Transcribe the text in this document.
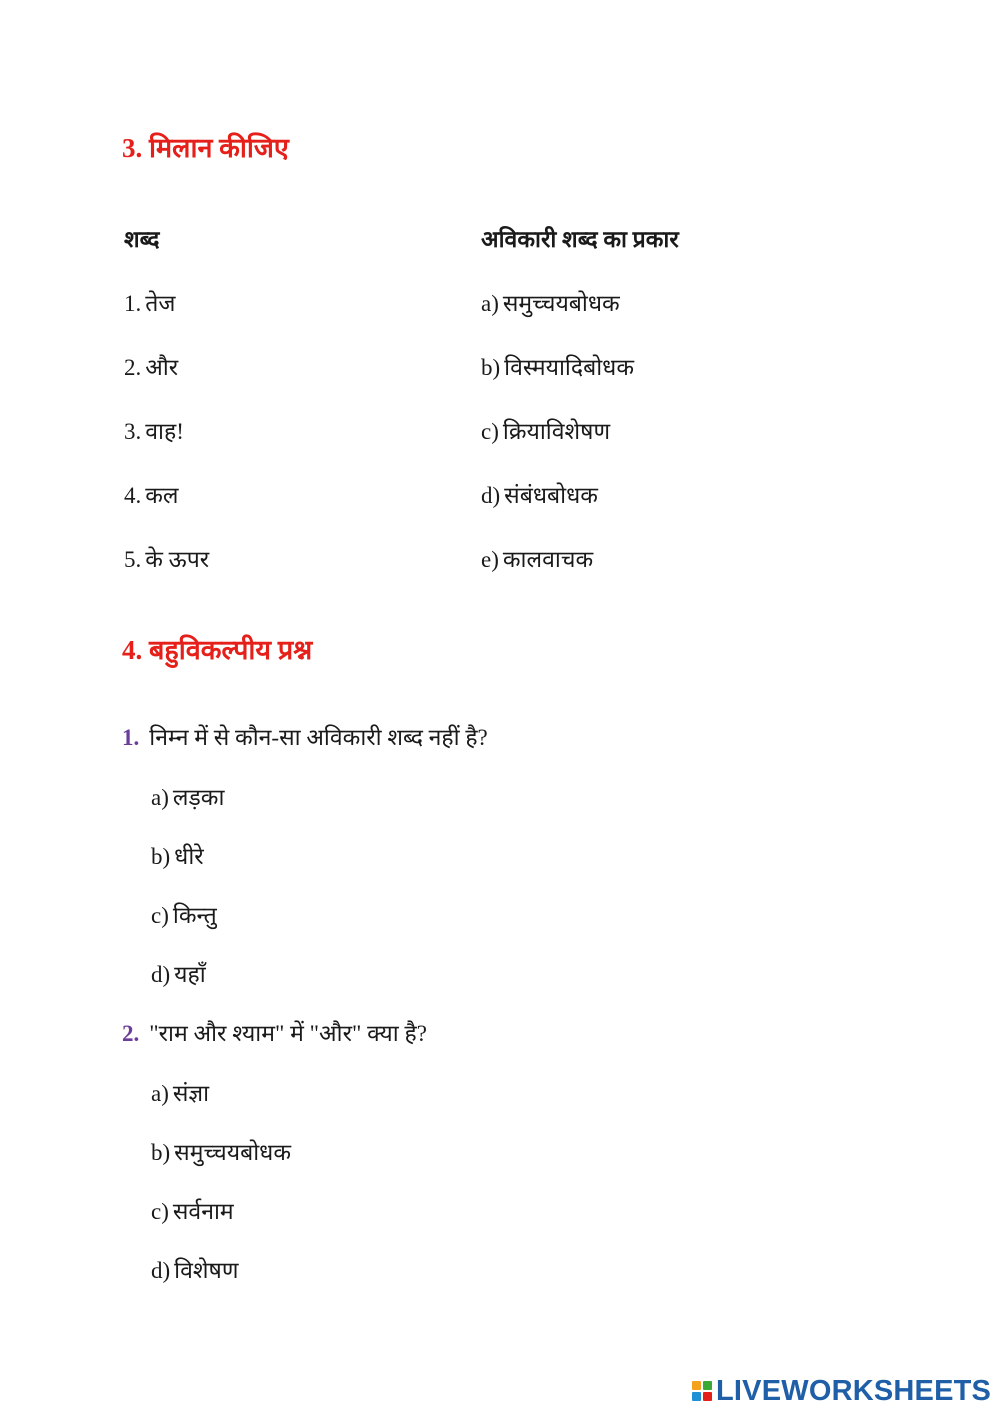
3. मिलान कीजिए
शब्द	अविकारी शब्द का प्रकार
1. तेज	a) समुच्चयबोधक
2. और	b) विस्मयादिबोधक
3. वाह!	c) क्रियाविशेषण
4. कल	d) संबंधबोधक
5. के ऊपर	e) कालवाचक
4. बहुविकल्पीय प्रश्न
1. निम्न में से कौन-सा अविकारी शब्द नहीं है?
a) लड़का
b) धीरे
c) किन्तु
d) यहाँ
2. "राम और श्याम" में "और" क्या है?
a) संज्ञा
b) समुच्चयबोधक
c) सर्वनाम
d) विशेषण
LIVEWORKSHEETS
